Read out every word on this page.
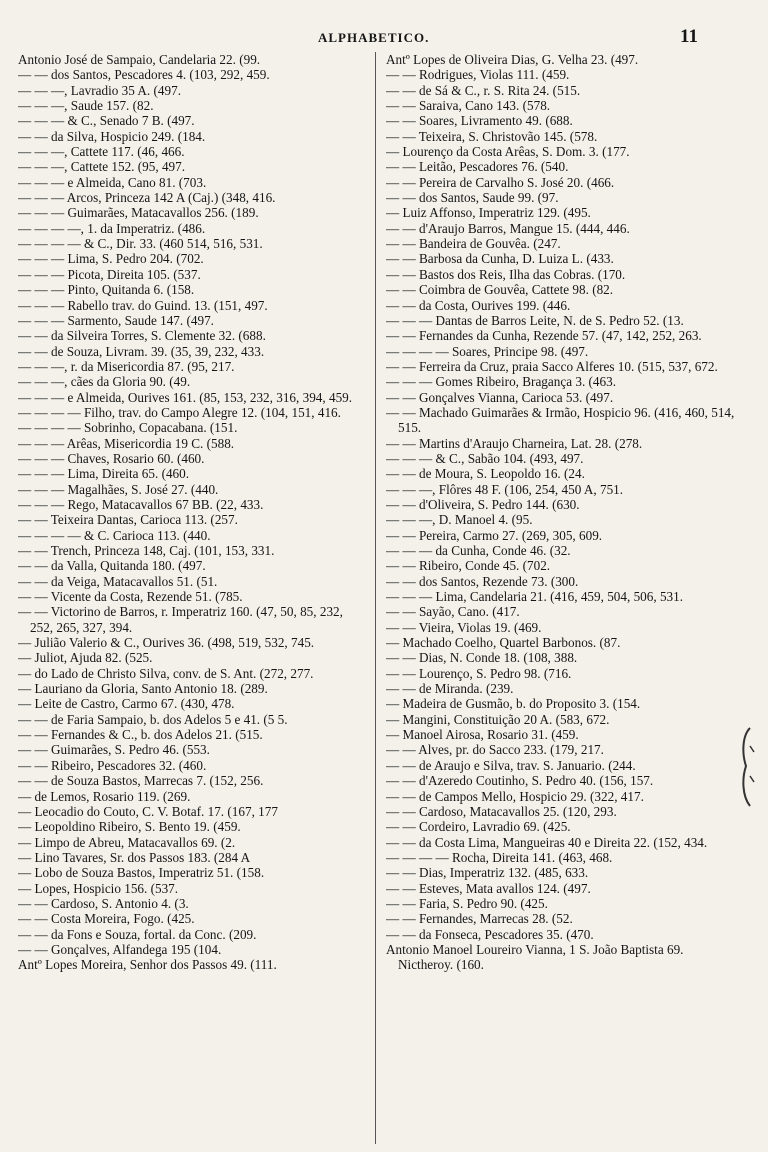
ALPHABETICO.	11
Antonio José de Sampaio, Candelaria 22. (99.
— — dos Santos, Pescadores 4. (103, 292, 459.
— — —, Lavradio 35 A. (497.
— — —, Saude 157. (82.
— — — & C., Senado 7 B. (497.
— — da Silva, Hospicio 249. (184.
— — —, Cattete 117. (46, 466.
— — —, Cattete 152. (95, 497.
— — — e Almeida, Cano 81. (703.
— — — Arcos, Princeza 142 A (Caj.) (348, 416.
— — — Guimarães, Matacavallos 256. (189.
— — — —, 1. da Imperatriz. (486.
— — — — & C., Dir. 33. (460 514, 516, 531.
— — — Lima, S. Pedro 204. (702.
— — — Picota, Direita 105. (537.
— — — Pinto, Quitanda 6. (158.
— — — Rabello trav. do Guind. 13. (151, 497.
— — — Sarmento, Saude 147. (497.
— — da Silveira Torres, S. Clemente 32. (688.
— — de Souza, Livram. 39. (35, 39, 232, 433.
— — —, r. da Misericordia 87. (95, 217.
— — —, cães da Gloria 90. (49.
— — — e Almeida, Ourives 161. (85, 153, 232, 316, 394, 459.
— — — — Filho, trav. do Campo Alegre 12. (104, 151, 416.
— — — — Sobrinho, Copacabana. (151.
— — — Arêas, Misericordia 19 C. (588.
— — — Chaves, Rosario 60. (460.
— — — Lima, Direita 65. (460.
— — — Magalhães, S. José 27. (440.
— — — Rego, Matacavallos 67 BB. (22, 433.
— — Teixeira Dantas, Carioca 113. (257.
— — — — & C. Carioca 113. (440.
— — Trench, Princeza 148, Caj. (101, 153, 331.
— — da Valla, Quitanda 180. (497.
— — da Veiga, Matacavallos 51. (51.
— — Vicente da Costa, Rezende 51. (785.
— — Victorino de Barros, r. Imperatriz 160. (47, 50, 85, 232, 252, 265, 327, 394.
— Julião Valerio & C., Ourives 36. (498, 519, 532, 745.
— Juliot, Ajuda 82. (525.
— do Lado de Christo Silva, conv. de S. Ant. (272, 277.
— Lauriano da Gloria, Santo Antonio 18. (289.
— Leite de Castro, Carmo 67. (430, 478.
— — de Faria Sampaio, b. dos Adelos 5 e 41. (5 5.
— — Fernandes & C., b. dos Adelos 21. (515.
— — Guimarães, S. Pedro 46. (553.
— — Ribeiro, Pescadores 32. (460.
— — de Souza Bastos, Marrecas 7. (152, 256.
— de Lemos, Rosario 119. (269.
— Leocadio do Couto, C. V. Botaf. 17. (167, 177
— Leopoldino Ribeiro, S. Bento 19. (459.
— Limpo de Abreu, Matacavallos 69. (2.
— Lino Tavares, Sr. dos Passos 183. (284 A
— Lobo de Souza Bastos, Imperatriz 51. (158.
— Lopes, Hospicio 156. (537.
— — Cardoso, S. Antonio 4. (3.
— — Costa Moreira, Fogo. (425.
— — da Fons e Souza, fortal. da Conc. (209.
— — Gonçalves, Alfandega 195 (104.
Antº Lopes Moreira, Senhor dos Passos 49. (111.
Antº Lopes de Oliveira Dias, G. Velha 23. (497.
— — Rodrigues, Violas 111. (459.
— — de Sá & C., r. S. Rita 24. (515.
— — Saraiva, Cano 143. (578.
— — Soares, Livramento 49. (688.
— — Teixeira, S. Christovão 145. (578.
— Lourenço da Costa Arêas, S. Dom. 3. (177.
— — Leitão, Pescadores 76. (540.
— — Pereira de Carvalho S. José 20. (466.
— — dos Santos, Saude 99. (97.
— Luiz Affonso, Imperatriz 129. (495.
— — d'Araujo Barros, Mangue 15. (444, 446.
— — Bandeira de Gouvêa. (247.
— — Barbosa da Cunha, D. Luiza L. (433.
— — Bastos dos Reis, Ilha das Cobras. (170.
— — Coimbra de Gouvêa, Cattete 98. (82.
— — da Costa, Ourives 199. (446.
— — — Dantas de Barros Leite, N. de S. Pedro 52. (13.
— — Fernandes da Cunha, Rezende 57. (47, 142, 252, 263.
— — — — Soares, Principe 98. (497.
— — Ferreira da Cruz, praia Sacco Alferes 10. (515, 537, 672.
— — — Gomes Ribeiro, Bragança 3. (463.
— — Gonçalves Vianna, Carioca 53. (497.
— — Machado Guimarães & Irmão, Hospicio 96. (416, 460, 514, 515.
— — Martins d'Araujo Charneira, Lat. 28. (278.
— — — & C., Sabão 104. (493, 497.
— — de Moura, S. Leopoldo 16. (24.
— — —, Flôres 48 F. (106, 254, 450 A, 751.
— — d'Oliveira, S. Pedro 144. (630.
— — —, D. Manoel 4. (95.
— — Pereira, Carmo 27. (269, 305, 609.
— — — da Cunha, Conde 46. (32.
— — Ribeiro, Conde 45. (702.
— — dos Santos, Rezende 73. (300.
— — — Lima, Candelaria 21. (416, 459, 504, 506, 531.
— — Sayão, Cano. (417.
— — Vieira, Violas 19. (469.
— Machado Coelho, Quartel Barbonos. (87.
— — Dias, N. Conde 18. (108, 388.
— — Lourenço, S. Pedro 98. (716.
— — de Miranda. (239.
— Madeira de Gusmão, b. do Proposito 3. (154.
— Mangini, Constituição 20 A. (583, 672.
— Manoel Airosa, Rosario 31. (459.
— — Alves, pr. do Sacco 233. (179, 217.
— — de Araujo e Silva, trav. S. Januario. (244.
— — d'Azeredo Coutinho, S. Pedro 40. (156, 157.
— — de Campos Mello, Hospicio 29. (322, 417.
— — Cardoso, Matacavallos 25. (120, 293.
— — Cordeiro, Lavradio 69. (425.
— — da Costa Lima, Mangueiras 40 e Direita 22. (152, 434.
— — — — Rocha, Direita 141. (463, 468.
— — Dias, Imperatriz 132. (485, 633.
— — Esteves, Mata avallos 124. (497.
— — Faria, S. Pedro 90. (425.
— — Fernandes, Marrecas 28. (52.
— — da Fonseca, Pescadores 35. (470.
Antonio Manoel Loureiro Vianna, 1 S. João Baptista 69. Nictheroy. (160.
